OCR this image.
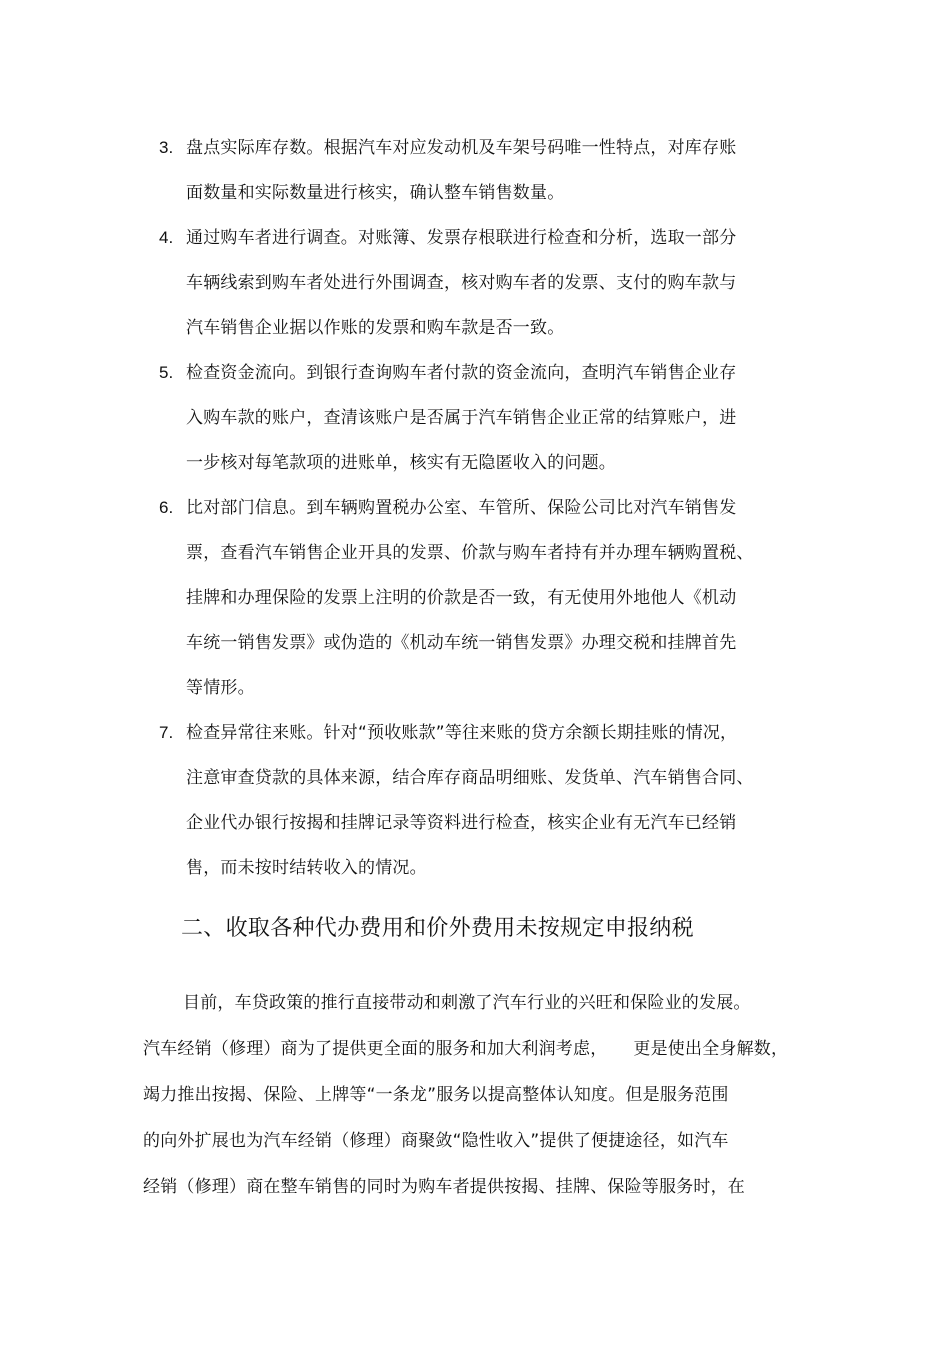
3. 盘点实际库存数。根据汽车对应发动机及车架号码唯一性特点，对库存账
面数量和实际数量进行核实，确认整车销售数量。
4. 通过购车者进行调查。对账簿、发票存根联进行检查和分析，选取一部分
车辆线索到购车者处进行外围调查，核对购车者的发票、支付的购车款与
汽车销售企业据以作账的发票和购车款是否一致。
5. 检查资金流向。到银行查询购车者付款的资金流向，查明汽车销售企业存
入购车款的账户，查清该账户是否属于汽车销售企业正常的结算账户，进
一步核对每笔款项的进账单，核实有无隐匿收入的问题。
6. 比对部门信息。到车辆购置税办公室、车管所、保险公司比对汽车销售发
票，查看汽车销售企业开具的发票、价款与购车者持有并办理车辆购置税、
挂牌和办理保险的发票上注明的价款是否一致，有无使用外地他人《机动
车统一销售发票》或伪造的《机动车统一销售发票》办理交税和挂牌首先
等情形。
7. 检查异常往来账。针对“预收账款”等往来账的贷方余额长期挂账的情况，
注意审查贷款的具体来源，结合库存商品明细账、发货单、汽车销售合同、
企业代办银行按揭和挂牌记录等资料进行检查，核实企业有无汽车已经销
售，而未按时结转收入的情况。
二、收取各种代办费用和价外费用未按规定申报纳税
目前，车贷政策的推行直接带动和刺激了汽车行业的兴旺和保险业的发展。
汽车经销（修理）商为了提供更全面的服务和加大利润考虑， 更是使出全身解数，
竭力推出按揭、保险、上牌等“一条龙”服务以提高整体认知度。但是服务范围
的向外扩展也为汽车经销（修理）商聚敛“隐性收入”提供了便捷途径，如汽车
经销（修理）商在整车销售的同时为购车者提供按揭、挂牌、保险等服务时，在
